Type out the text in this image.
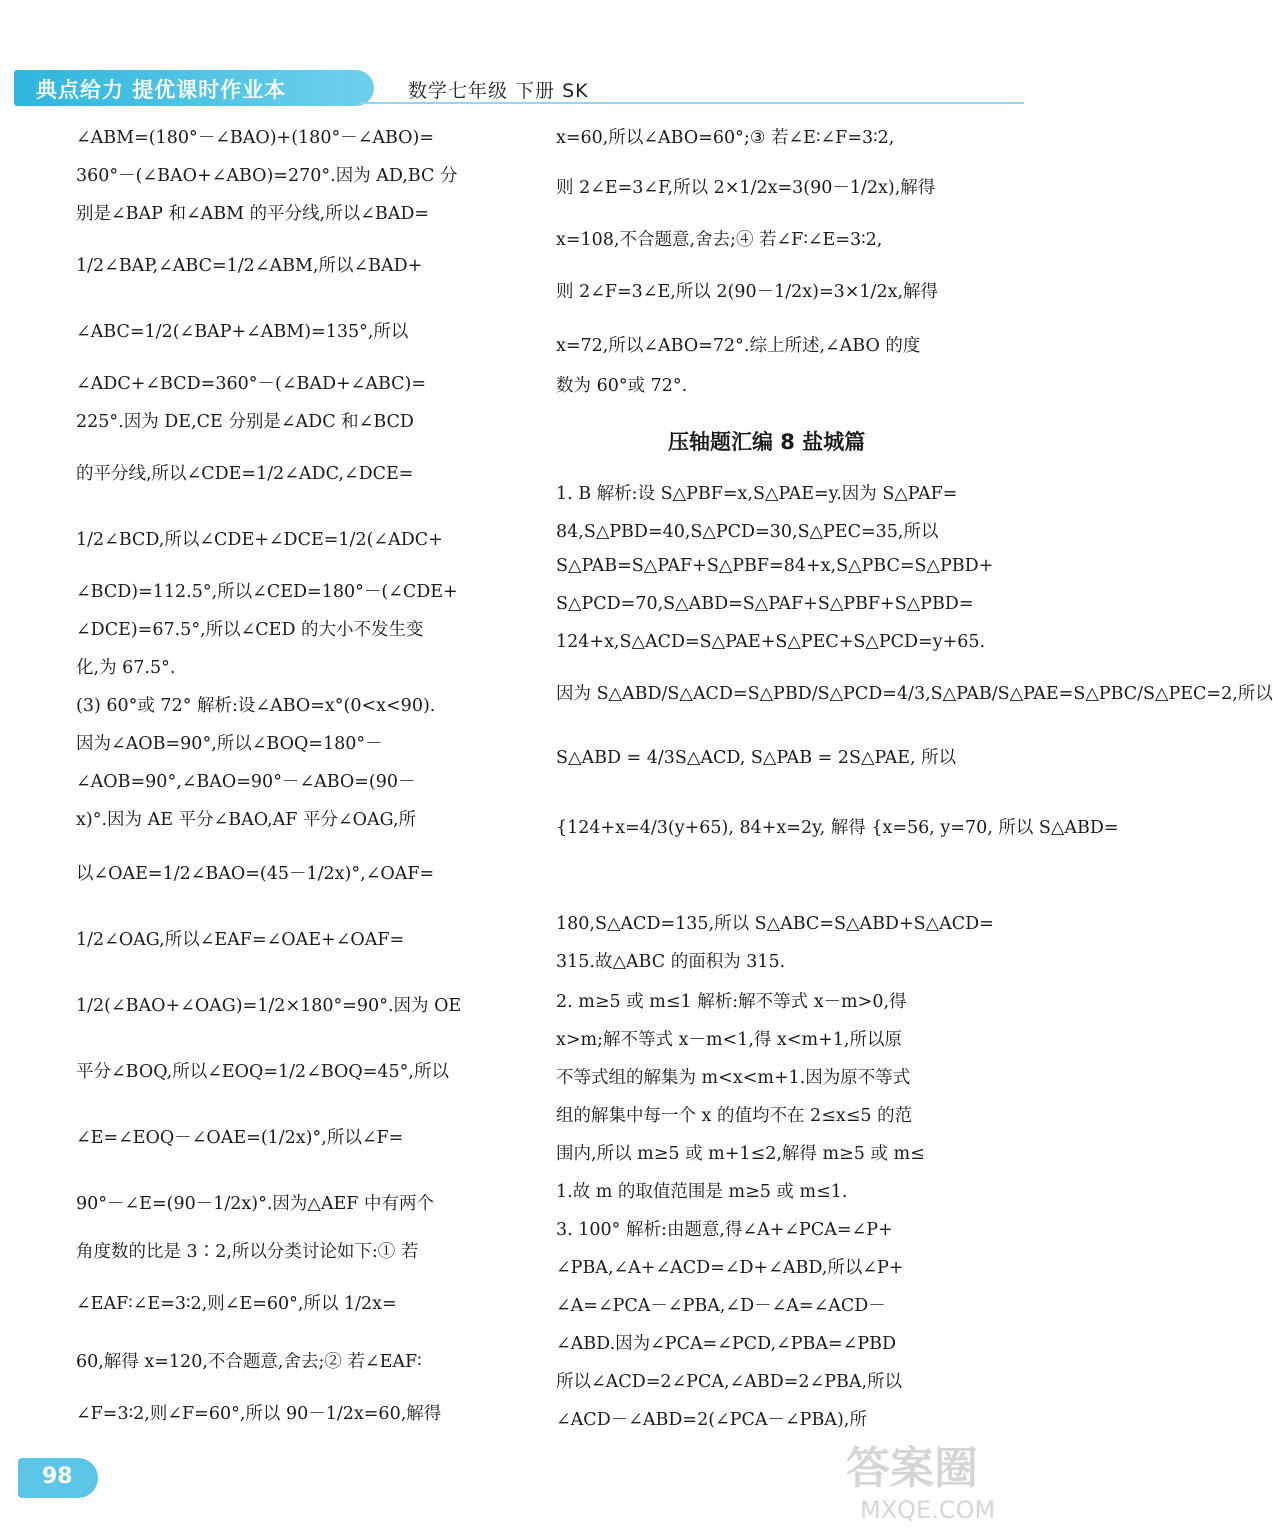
典点给力 提优课时作业本	数学七年级 下册 SK
∠ABM=(180°－∠BAO)+(180°－∠ABO)=
360°－(∠BAO+∠ABO)=270°.因为 AD,BC 分
别是∠BAP 和∠ABM 的平分线,所以∠BAD=
1/2∠BAP,∠ABC=1/2∠ABM,所以∠BAD+
∠ABC=1/2(∠BAP+∠ABM)=135°,所以
∠ADC+∠BCD=360°－(∠BAD+∠ABC)=
225°.因为 DE,CE 分别是∠ADC 和∠BCD
的平分线,所以∠CDE=1/2∠ADC,∠DCE=
1/2∠BCD,所以∠CDE+∠DCE=1/2(∠ADC+
∠BCD)=112.5°,所以∠CED=180°－(∠CDE+
∠DCE)=67.5°,所以∠CED 的大小不发生变
化,为 67.5°.
(3) 60°或 72° 解析:设∠ABO=x°(0<x<90).
因为∠AOB=90°,所以∠BOQ=180°－
∠AOB=90°,∠BAO=90°－∠ABO=(90－
x)°.因为 AE 平分∠BAO,AF 平分∠OAG,所
以∠OAE=1/2∠BAO=(45－1/2x)°,∠OAF=
1/2∠OAG,所以∠EAF=∠OAE+∠OAF=
1/2(∠BAO+∠OAG)=1/2×180°=90°.因为 OE
平分∠BOQ,所以∠EOQ=1/2∠BOQ=45°,所以
∠E=∠EOQ－∠OAE=(1/2x)°,所以∠F=
90°－∠E=(90－1/2x)°.因为△AEF 中有两个
角度数的比是 3∶2,所以分类讨论如下:① 若
∠EAF∶∠E=3∶2,则∠E=60°,所以 1/2x=
60,解得 x=120,不合题意,舍去;② 若∠EAF∶
∠F=3∶2,则∠F=60°,所以 90－1/2x=60,解得
压轴题汇编 8 盐城篇
x=60,所以∠ABO=60°;③ 若∠E∶∠F=3∶2,
则 2∠E=3∠F,所以 2×1/2x=3(90－1/2x),解得
x=108,不合题意,舍去;④ 若∠F∶∠E=3∶2,
则 2∠F=3∠E,所以 2(90－1/2x)=3×1/2x,解得
x=72,所以∠ABO=72°.综上所述,∠ABO 的度
数为 60°或 72°.
1. B 解析:设 S△PBF=x,S△PAE=y.因为 S△PAF=
84,S△PBD=40,S△PCD=30,S△PEC=35,所以
S△PAB=S△PAF+S△PBF=84+x,S△PBC=S△PBD+
S△PCD=70,S△ABD=S△PAF+S△PBF+S△PBD=
124+x,S△ACD=S△PAE+S△PEC+S△PCD=y+65.
因为 S△ABD/S△ACD=S△PBD/S△PCD=4/3,S△PAB/S△PAE=S△PBC/S△PEC=2,所以
S△ABD = 4/3S△ACD, S△PAB = 2S△PAE, 所以
{124+x=4/3(y+65), 84+x=2y, 解得 {x=56, y=70, 所以 S△ABD=
180,S△ACD=135,所以 S△ABC=S△ABD+S△ACD=
315.故△ABC 的面积为 315.
2. m≥5 或 m≤1 解析:解不等式 x－m>0,得
x>m;解不等式 x－m<1,得 x<m+1,所以原
不等式组的解集为 m<x<m+1.因为原不等式
组的解集中每一个 x 的值均不在 2≤x≤5 的范
围内,所以 m≥5 或 m+1≤2,解得 m≥5 或 m≤
1.故 m 的取值范围是 m≥5 或 m≤1.
3. 100° 解析:由题意,得∠A+∠PCA=∠P+
∠PBA,∠A+∠ACD=∠D+∠ABD,所以∠P+
∠A=∠PCA－∠PBA,∠D－∠A=∠ACD－
∠ABD.因为∠PCA=∠PCD,∠PBA=∠PBD
所以∠ACD=2∠PCA,∠ABD=2∠PBA,所以
∠ACD－∠ABD=2(∠PCA－∠PBA),所
98	答案圈
MXQE.COM
